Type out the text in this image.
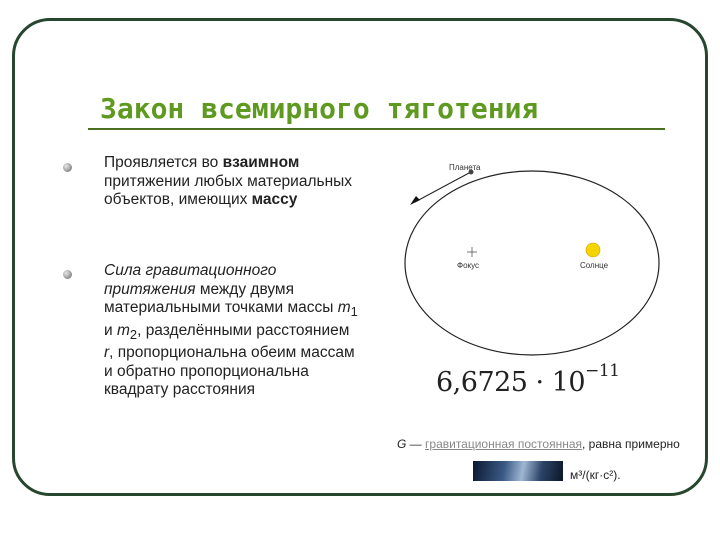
Закон всемирного тяготения
Проявляется во взаимном притяжении любых материальных объектов, имеющих массу
Сила гравитационного притяжения между двумя материальными точками массы $m_1$ и $m_2$, разделёнными расстоянием r, пропорциональна обеим массам и обратно пропорциональна квадрату расстояния
Планета
Фокус	Солнце
$6,6725 \cdot 10^{-11}$
G — гравитационная постоянная, равна примерно
м³/(кг·с²).
